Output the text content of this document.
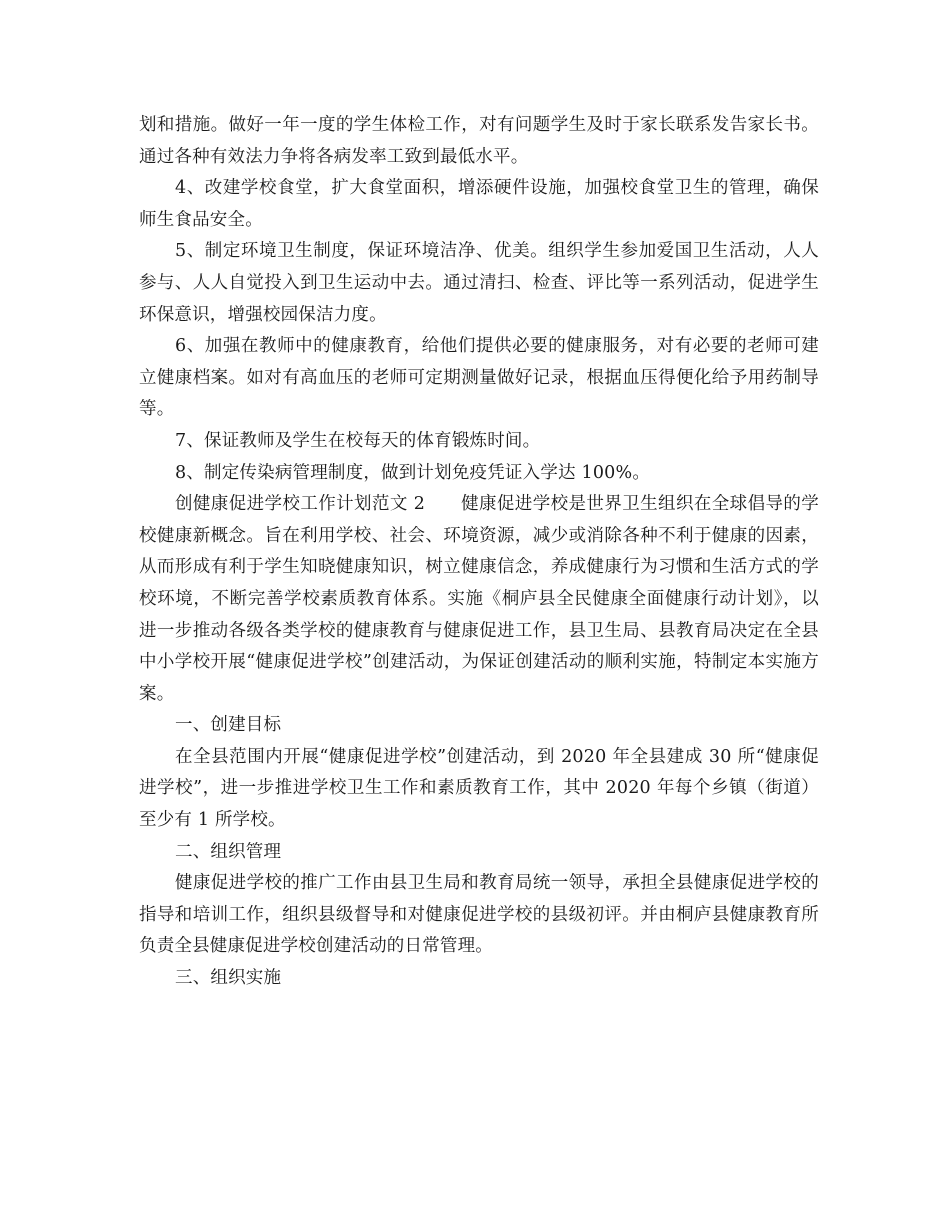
划和措施。做好一年一度的学生体检工作，对有问题学生及时于家长联系发告家长书。通过各种有效法力争将各病发率工致到最低水平。

4、改建学校食堂，扩大食堂面积，增添硬件设施，加强校食堂卫生的管理，确保师生食品安全。

5、制定环境卫生制度，保证环境洁净、优美。组织学生参加爱国卫生活动，人人参与、人人自觉投入到卫生运动中去。通过清扫、检查、评比等一系列活动，促进学生环保意识，增强校园保洁力度。

6、加强在教师中的健康教育，给他们提供必要的健康服务，对有必要的老师可建立健康档案。如对有高血压的老师可定期测量做好记录，根据血压得便化给予用药制导等。

7、保证教师及学生在校每天的体育锻炼时间。

8、制定传染病管理制度，做到计划免疫凭证入学达 100%。

创健康促进学校工作计划范文 2　　健康促进学校是世界卫生组织在全球倡导的学校健康新概念。旨在利用学校、社会、环境资源，减少或消除各种不利于健康的因素，从而形成有利于学生知晓健康知识，树立健康信念，养成健康行为习惯和生活方式的学校环境，不断完善学校素质教育体系。实施《桐庐县全民健康全面健康行动计划》，以进一步推动各级各类学校的健康教育与健康促进工作，县卫生局、县教育局决定在全县中小学校开展“健康促进学校”创建活动，为保证创建活动的顺利实施，特制定本实施方案。

一、创建目标

在全县范围内开展“健康促进学校”创建活动，到 2020 年全县建成 30 所“健康促进学校”，进一步推进学校卫生工作和素质教育工作，其中 2020 年每个乡镇（街道）至少有 1 所学校。

二、组织管理

健康促进学校的推广工作由县卫生局和教育局统一领导，承担全县健康促进学校的指导和培训工作，组织县级督导和对健康促进学校的县级初评。并由桐庐县健康教育所负责全县健康促进学校创建活动的日常管理。

三、组织实施
